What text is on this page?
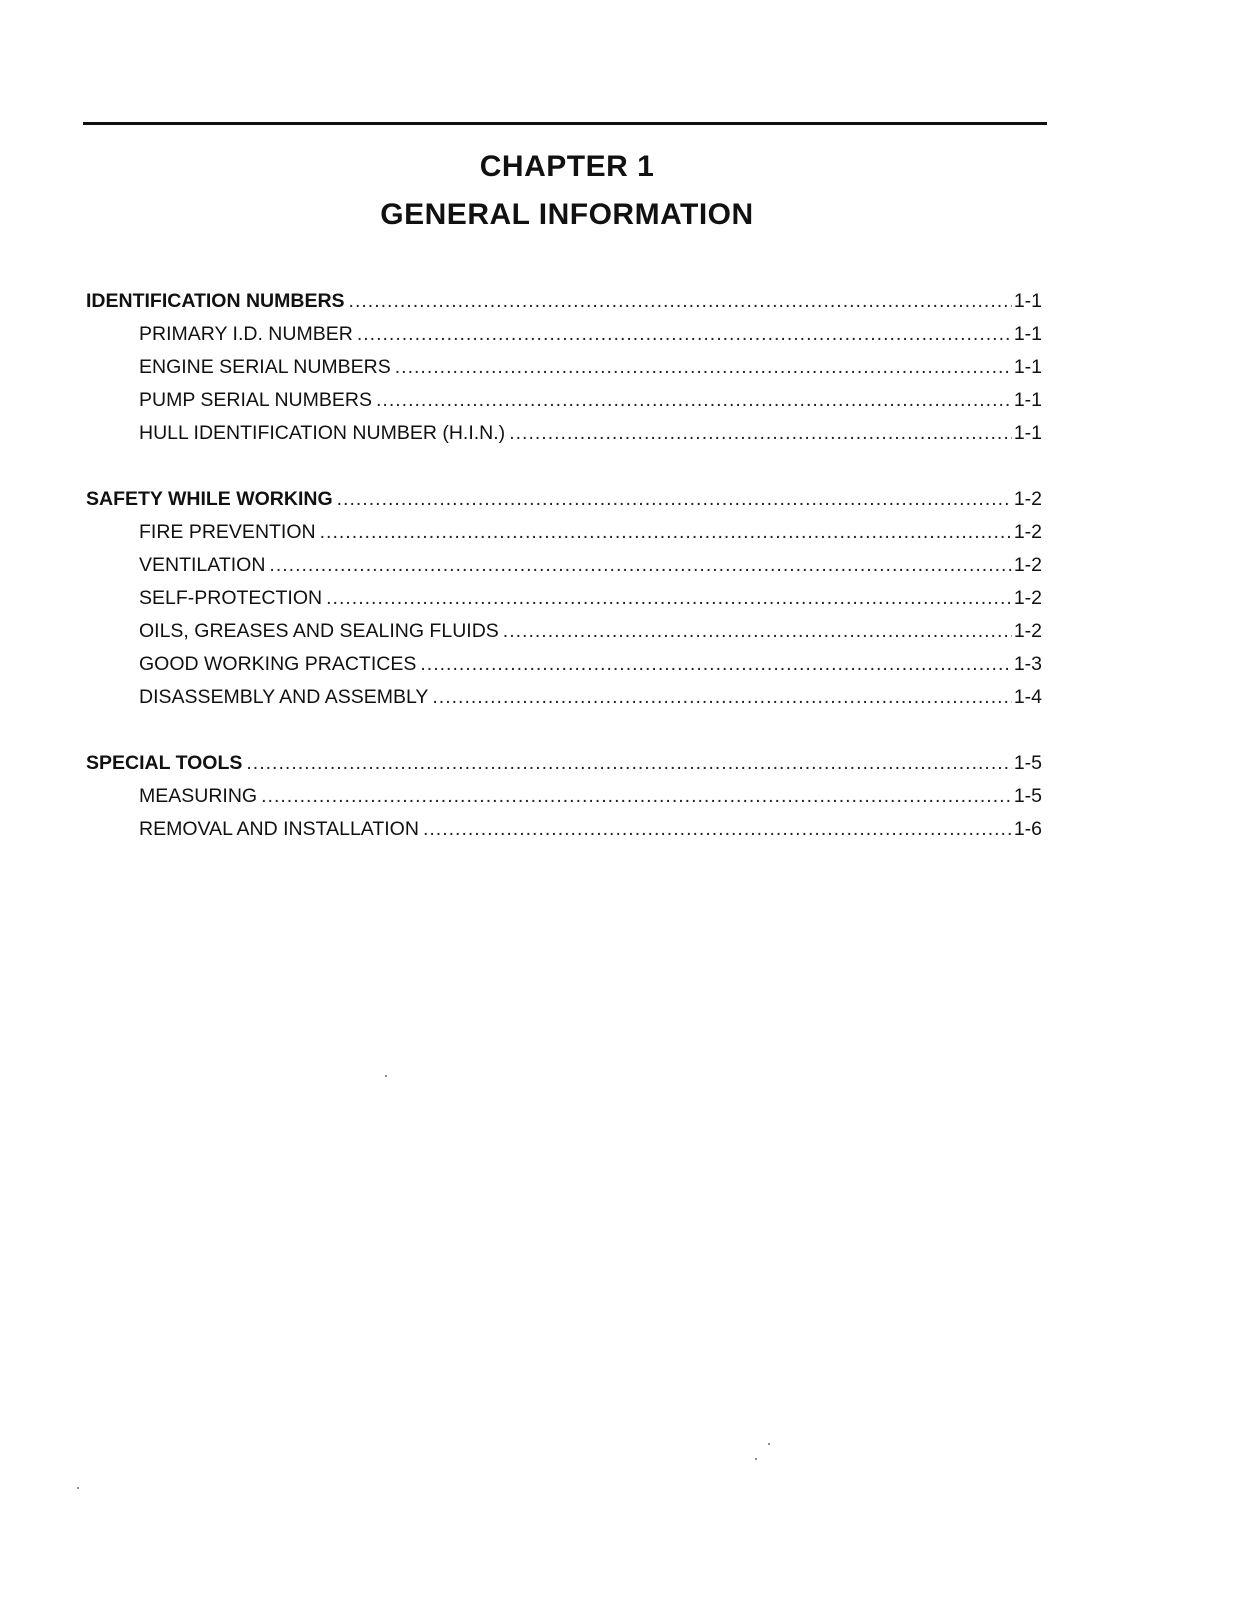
CHAPTER 1
GENERAL INFORMATION
IDENTIFICATION NUMBERS .....	1-1
PRIMARY I.D. NUMBER .....	1-1
ENGINE SERIAL NUMBERS .....	1-1
PUMP SERIAL NUMBERS .....	1-1
HULL IDENTIFICATION NUMBER (H.I.N.) .....	1-1
SAFETY WHILE WORKING .....	1-2
FIRE PREVENTION .....	1-2
VENTILATION .....	1-2
SELF-PROTECTION .....	1-2
OILS, GREASES AND SEALING FLUIDS .....	1-2
GOOD WORKING PRACTICES .....	1-3
DISASSEMBLY AND ASSEMBLY .....	1-4
SPECIAL TOOLS .....	1-5
MEASURING .....	1-5
REMOVAL AND INSTALLATION .....	1-6
